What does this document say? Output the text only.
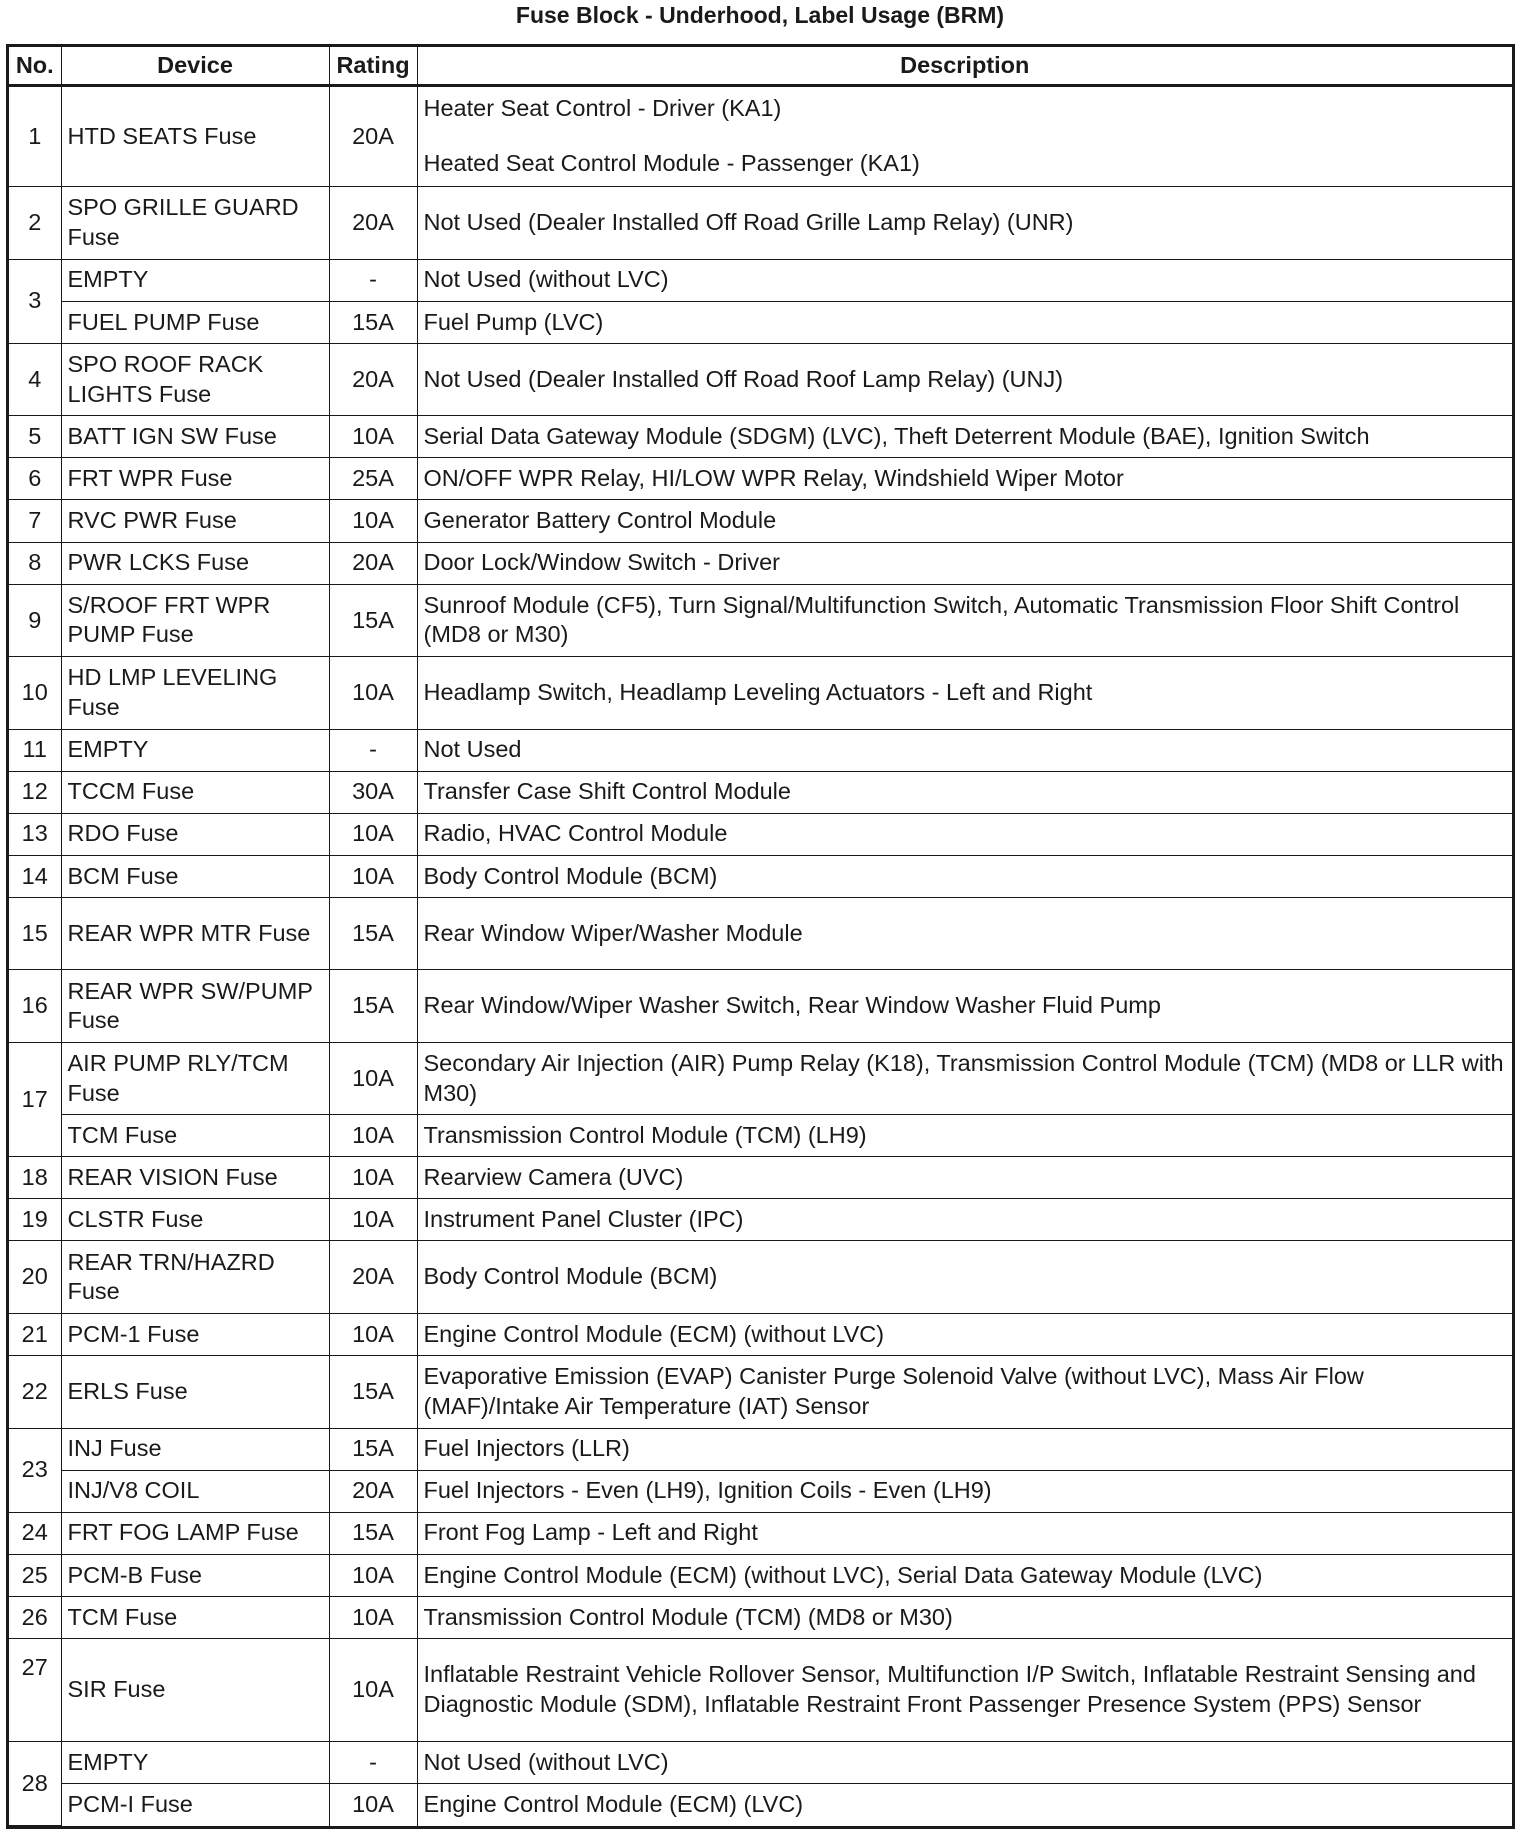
Fuse Block - Underhood, Label Usage (BRM)
No.	Device	Rating	Description
1	HTD SEATS Fuse	20A	Heater Seat Control - Driver (KA1)
Heated Seat Control Module - Passenger (KA1)

2	SPO GRILLE GUARD Fuse	20A	Not Used (Dealer Installed Off Road Grille Lamp Relay) (UNR)
3	EMPTY	-	Not Used (without LVC)
	FUEL PUMP Fuse	15A	Fuel Pump (LVC)
4	SPO ROOF RACK LIGHTS Fuse	20A	Not Used (Dealer Installed Off Road Roof Lamp Relay) (UNJ)
5	BATT IGN SW Fuse	10A	Serial Data Gateway Module (SDGM) (LVC), Theft Deterrent Module (BAE), Ignition Switch
6	FRT WPR Fuse	25A	ON/OFF WPR Relay, HI/LOW WPR Relay, Windshield Wiper Motor
7	RVC PWR Fuse	10A	Generator Battery Control Module
8	PWR LCKS Fuse	20A	Door Lock/Window Switch - Driver
9	S/ROOF FRT WPR PUMP Fuse	15A	Sunroof Module (CF5), Turn Signal/Multifunction Switch, Automatic Transmission Floor Shift Control (MD8 or M30)
10	HD LMP LEVELING Fuse	10A	Headlamp Switch, Headlamp Leveling Actuators - Left and Right
11	EMPTY	-	Not Used
12	TCCM Fuse	30A	Transfer Case Shift Control Module
13	RDO Fuse	10A	Radio, HVAC Control Module
14	BCM Fuse	10A	Body Control Module (BCM)
15	REAR WPR MTR Fuse	15A	Rear Window Wiper/Washer Module
16	REAR WPR SW/PUMP Fuse	15A	Rear Window/Wiper Washer Switch, Rear Window Washer Fluid Pump
17	AIR PUMP RLY/TCM Fuse	10A	Secondary Air Injection (AIR) Pump Relay (K18), Transmission Control Module (TCM) (MD8 or LLR with M30)
	TCM Fuse	10A	Transmission Control Module (TCM) (LH9)
18	REAR VISION Fuse	10A	Rearview Camera (UVC)
19	CLSTR Fuse	10A	Instrument Panel Cluster (IPC)
20	REAR TRN/HAZRD Fuse	20A	Body Control Module (BCM)
21	PCM-1 Fuse	10A	Engine Control Module (ECM) (without LVC)
22	ERLS Fuse	15A	Evaporative Emission (EVAP) Canister Purge Solenoid Valve (without LVC), Mass Air Flow (MAF)/Intake Air Temperature (IAT) Sensor
23	INJ Fuse	15A	Fuel Injectors (LLR)
	INJ/V8 COIL	20A	Fuel Injectors - Even (LH9), Ignition Coils - Even (LH9)
24	FRT FOG LAMP Fuse	15A	Front Fog Lamp - Left and Right
25	PCM-B Fuse	10A	Engine Control Module (ECM) (without LVC), Serial Data Gateway Module (LVC)
26	TCM Fuse	10A	Transmission Control Module (TCM) (MD8 or M30)
27	SIR Fuse	10A	Inflatable Restraint Vehicle Rollover Sensor, Multifunction I/P Switch, Inflatable Restraint Sensing and Diagnostic Module (SDM), Inflatable Restraint Front Passenger Presence System (PPS) Sensor
28	EMPTY	-	Not Used (without LVC)
	PCM-I Fuse	10A	Engine Control Module (ECM) (LVC)
